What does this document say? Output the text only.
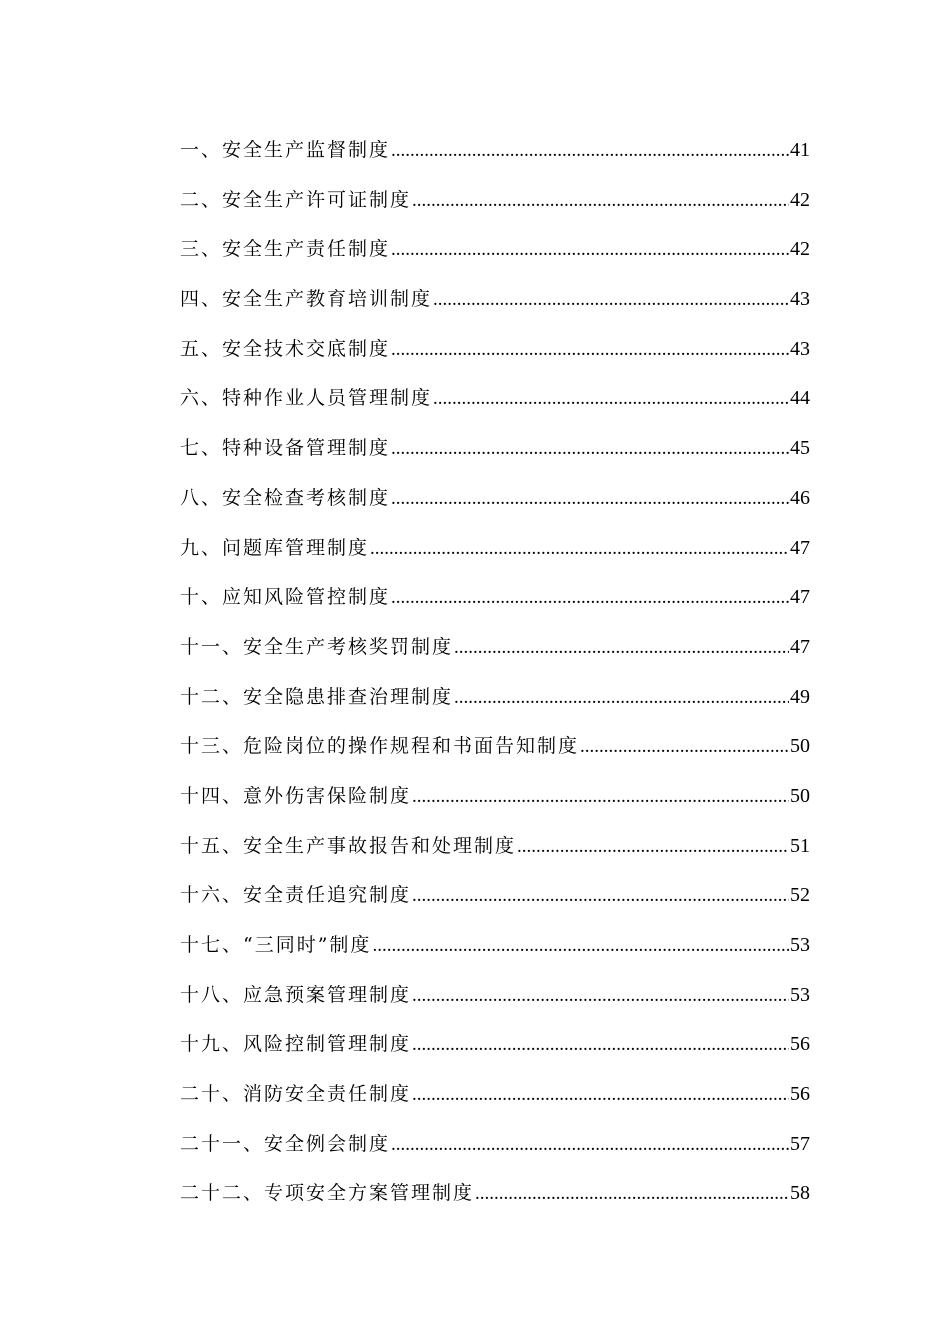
一、安全生产监督制度 .....	41
二、安全生产许可证制度 .....	42
三、安全生产责任制度 .....	42
四、安全生产教育培训制度 .....	43
五、安全技术交底制度 .....	43
六、特种作业人员管理制度 .....	44
七、特种设备管理制度 .....	45
八、安全检查考核制度 .....	46
九、问题库管理制度 .....	47
十、应知风险管控制度 .....	47
十一、安全生产考核奖罚制度 .....	47
十二、安全隐患排查治理制度 .....	49
十三、危险岗位的操作规程和书面告知制度 .....	50
十四、意外伤害保险制度 .....	50
十五、安全生产事故报告和处理制度 .....	51
十六、安全责任追究制度 .....	52
十七、“三同时”制度 .....	53
十八、应急预案管理制度 .....	53
十九、风险控制管理制度 .....	56
二十、消防安全责任制度 .....	56
二十一、安全例会制度 .....	57
二十二、专项安全方案管理制度 .....	58
